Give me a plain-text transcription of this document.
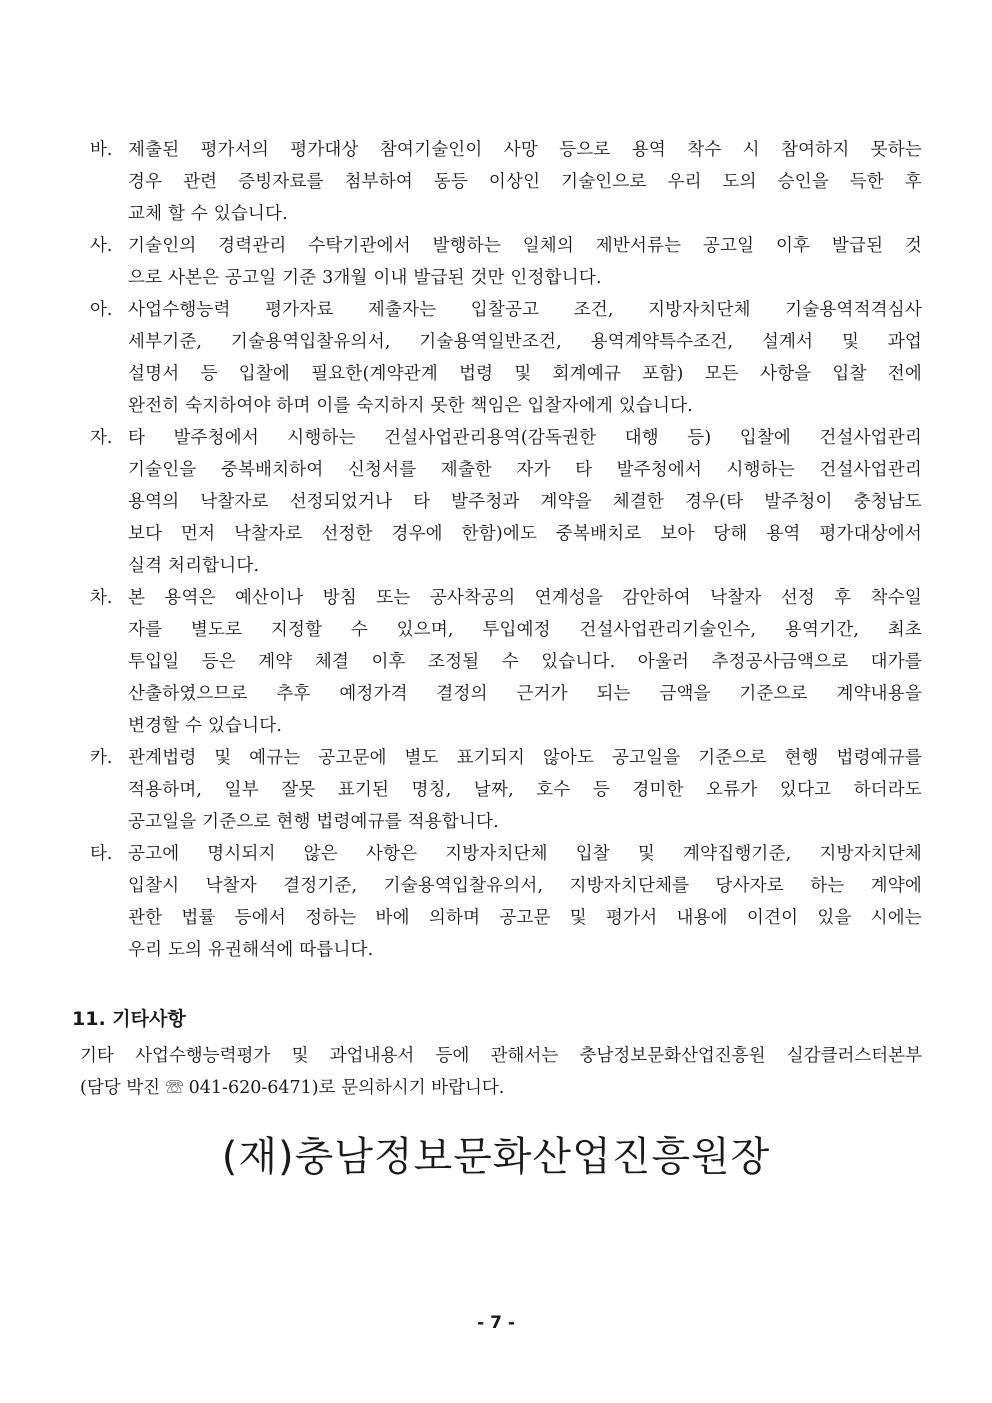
바. 제출된 평가서의 평가대상 참여기술인이 사망 등으로 용역 착수 시 참여하지 못하는
경우 관련 증빙자료를 첨부하여 동등 이상인 기술인으로 우리 도의 승인을 득한 후
교체 할 수 있습니다.
사. 기술인의 경력관리 수탁기관에서 발행하는 일체의 제반서류는 공고일 이후 발급된 것
으로 사본은 공고일 기준 3개월 이내 발급된 것만 인정합니다.
아. 사업수행능력 평가자료 제출자는 입찰공고 조건, 지방자치단체 기술용역적격심사
세부기준, 기술용역입찰유의서, 기술용역일반조건, 용역계약특수조건, 설계서 및 과업
설명서 등 입찰에 필요한(계약관계 법령 및 회계예규 포함) 모든 사항을 입찰 전에
완전히 숙지하여야 하며 이를 숙지하지 못한 책임은 입찰자에게 있습니다.
자. 타 발주청에서 시행하는 건설사업관리용역(감독권한 대행 등) 입찰에 건설사업관리
기술인을 중복배치하여 신청서를 제출한 자가 타 발주청에서 시행하는 건설사업관리
용역의 낙찰자로 선정되었거나 타 발주청과 계약을 체결한 경우(타 발주청이 충청남도
보다 먼저 낙찰자로 선정한 경우에 한함)에도 중복배치로 보아 당해 용역 평가대상에서
실격 처리합니다.
차. 본 용역은 예산이나 방침 또는 공사착공의 연계성을 감안하여 낙찰자 선정 후 착수일
자를 별도로 지정할 수 있으며, 투입예정 건설사업관리기술인수, 용역기간, 최초
투입일 등은 계약 체결 이후 조정될 수 있습니다. 아울러 추정공사금액으로 대가를
산출하였으므로 추후 예정가격 결정의 근거가 되는 금액을 기준으로 계약내용을
변경할 수 있습니다.
카. 관계법령 및 예규는 공고문에 별도 표기되지 않아도 공고일을 기준으로 현행 법령예규를
적용하며, 일부 잘못 표기된 명칭, 날짜, 호수 등 경미한 오류가 있다고 하더라도
공고일을 기준으로 현행 법령예규를 적용합니다.
타. 공고에 명시되지 않은 사항은 지방자치단체 입찰 및 계약집행기준, 지방자치단체
입찰시 낙찰자 결정기준, 기술용역입찰유의서, 지방자치단체를 당사자로 하는 계약에
관한 법률 등에서 정하는 바에 의하며 공고문 및 평가서 내용에 이견이 있을 시에는
우리 도의 유권해석에 따릅니다.
11. 기타사항
기타 사업수행능력평가 및 과업내용서 등에 관해서는 충남정보문화산업진흥원 실감클러스터본부
(담당 박진 ☏ 041-620-6471)로 문의하시기 바랍니다.
(재)충남정보문화산업진흥원장
- 7 -
